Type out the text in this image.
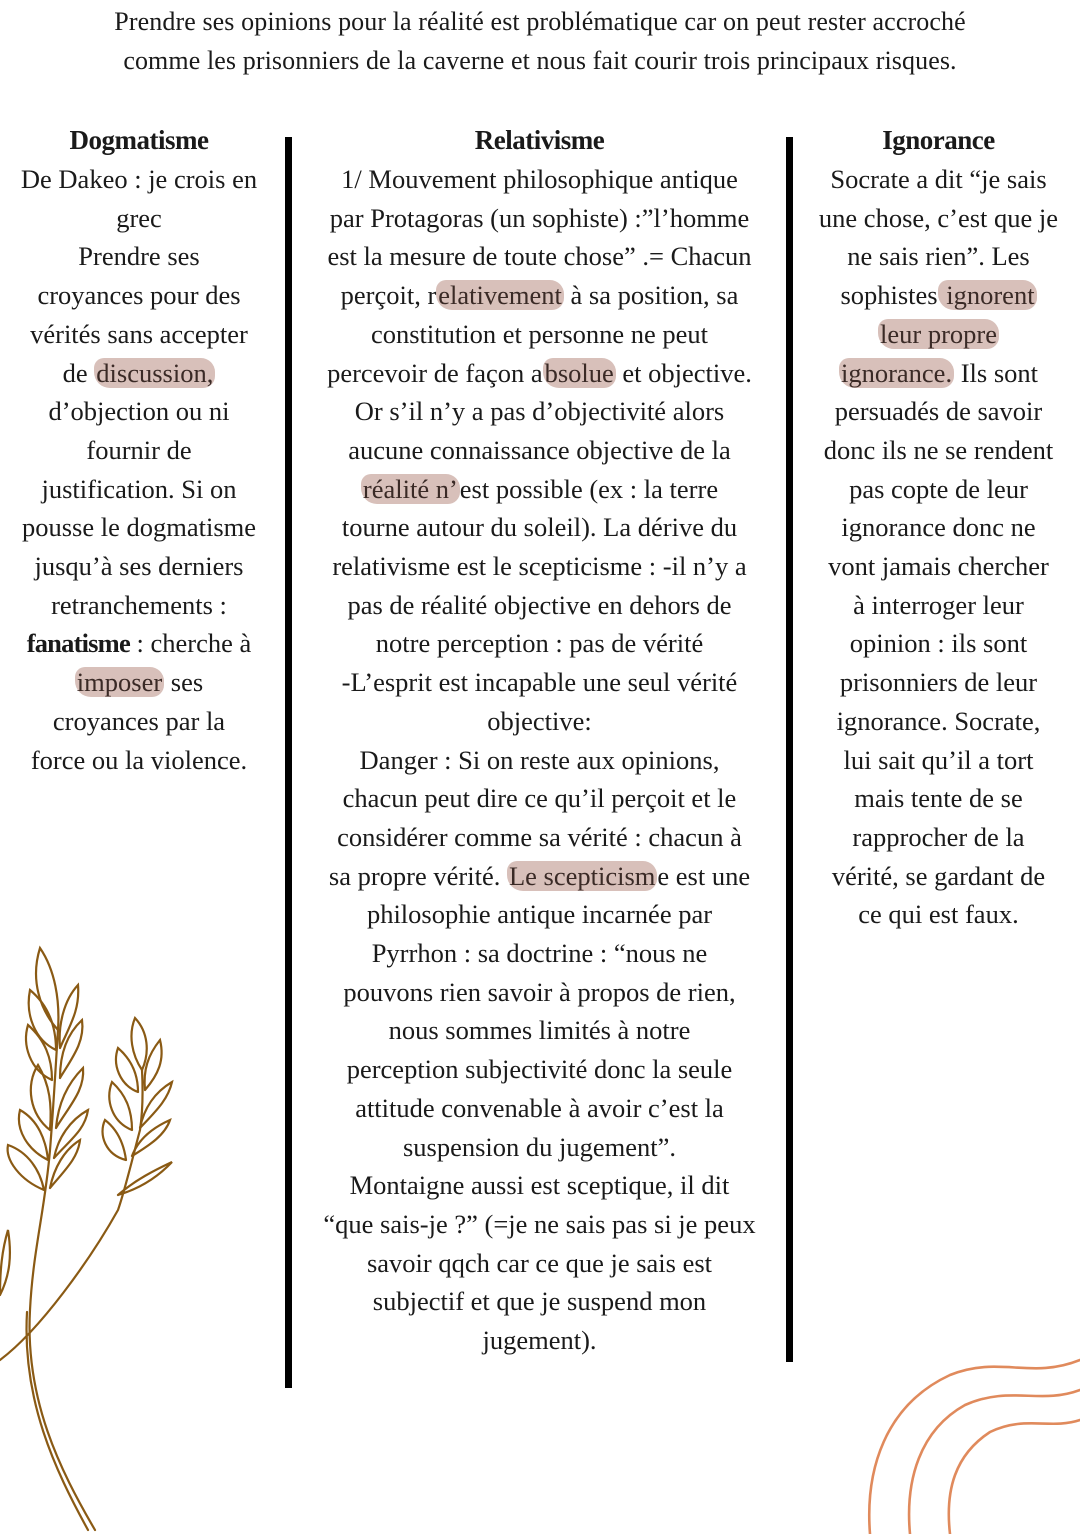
Prendre ses opinions pour la réalité est problématique car on peut rester accroché
comme les prisonniers de la caverne et nous fait courir trois principaux risques.
Dogmatisme
De Dakeo : je crois en
grec
Prendre ses
croyances pour des
vérités sans accepter
de discussion,
d’objection ou ni
fournir de
justification. Si on
pousse le dogmatisme
jusqu’à ses derniers
retranchements :
fanatisme : cherche à
imposer ses
croyances par la
force ou la violence.
Relativisme
1/ Mouvement philosophique antique
par Protagoras (un sophiste) :”l’homme
est la mesure de toute chose” .= Chacun
perçoit, relativement à sa position, sa
constitution et personne ne peut
percevoir de façon absolue et objective.
Or s’il n’y a pas d’objectivité alors
aucune connaissance objective de la
réalité n’est possible (ex : la terre
tourne autour du soleil). La dérive du
relativisme est le scepticisme : -il n’y a
pas de réalité objective en dehors de
notre perception : pas de vérité
-L’esprit est incapable une seul vérité
objective:
Danger : Si on reste aux opinions,
chacun peut dire ce qu’il perçoit et le
considérer comme sa vérité : chacun à
sa propre vérité. Le scepticisme est une
philosophie antique incarnée par
Pyrrhon : sa doctrine : “nous ne
pouvons rien savoir à propos de rien,
nous sommes limités à notre
perception subjectivité donc la seule
attitude convenable à avoir c’est la
suspension du jugement”.
Montaigne aussi est sceptique, il dit
“que sais-je ?” (=je ne sais pas si je peux
savoir qqch car ce que je sais est
subjectif et que je suspend mon
jugement).
Ignorance
Socrate a dit “je sais
une chose, c’est que je
ne sais rien”. Les
sophistes ignorent
leur propre
ignorance. Ils sont
persuadés de savoir
donc ils ne se rendent
pas copte de leur
ignorance donc ne
vont jamais chercher
à interroger leur
opinion : ils sont
prisonniers de leur
ignorance. Socrate,
lui sait qu’il a tort
mais tente de se
rapprocher de la
vérité, se gardant de
ce qui est faux.
